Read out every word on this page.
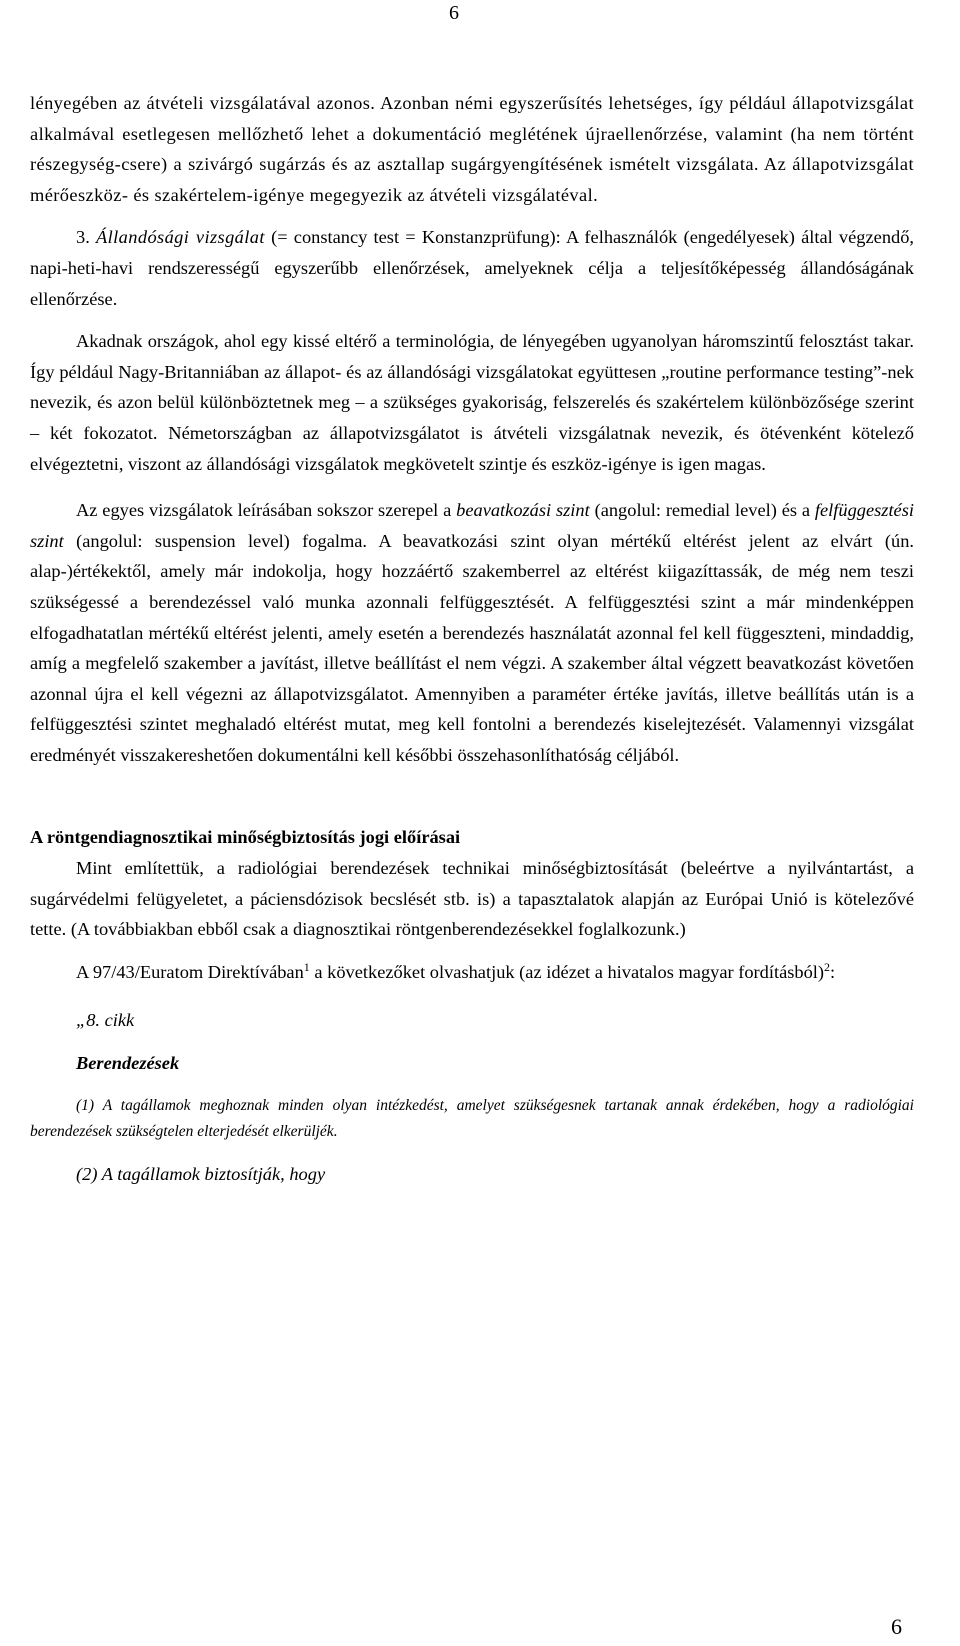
6

lényegében az átvételi vizsgálatával azonos. Azonban némi egyszerűsítés lehetséges, így például állapotvizsgálat alkalmával esetlegesen mellőzhető lehet a dokumentáció meglétének újraellenőrzése, valamint (ha nem történt részegység-csere) a szivárgó sugárzás és az asztallap sugárgyengítésének ismételt vizsgálata. Az állapotvizsgálat mérőeszköz- és szakértelem-igénye megegyezik az átvételi vizsgálatéval.

3. Állandósági vizsgálat (= constancy test = Konstanzprüfung): A felhasználók (engedélyesek) által végzendő, napi-heti-havi rendszerességű egyszerűbb ellenőrzések, amelyeknek célja a teljesítőképesség állandóságának ellenőrzése.

Akadnak országok, ahol egy kissé eltérő a terminológia, de lényegében ugyanolyan háromszintű felosztást takar. Így például Nagy-Britanniában az állapot- és az állandósági vizsgálatokat együttesen „routine performance testing”-nek nevezik, és azon belül különböztetnek meg – a szükséges gyakoriság, felszerelés és szakértelem különbözősége szerint – két fokozatot. Németországban az állapotvizsgálatot is átvételi vizsgálatnak nevezik, és ötévenként kötelező elvégeztetni, viszont az állandósági vizsgálatok megkövetelt szintje és eszköz-igénye is igen magas.

Az egyes vizsgálatok leírásában sokszor szerepel a beavatkozási szint (angolul: remedial level) és a felfüggesztési szint (angolul: suspension level) fogalma. A beavatkozási szint olyan mértékű eltérést jelent az elvárt (ún. alap-)értékektől, amely már indokolja, hogy hozzáértő szakemberrel az eltérést kiigazíttassák, de még nem teszi szükségessé a berendezéssel való munka azonnali felfüggesztését. A felfüggesztési szint a már mindenképpen elfogadhatatlan mértékű eltérést jelenti, amely esetén a berendezés használatát azonnal fel kell függeszteni, mindaddig, amíg a megfelelő szakember a javítást, illetve beállítást el nem végzi. A szakember által végzett beavatkozást követően azonnal újra el kell végezni az állapotvizsgálatot. Amennyiben a paraméter értéke javítás, illetve beállítás után is a felfüggesztési szintet meghaladó eltérést mutat, meg kell fontolni a berendezés kiselejtezését. Valamennyi vizsgálat eredményét visszakereshetően dokumentálni kell későbbi összehasonlíthatóság céljából.

A röntgendiagnosztikai minőségbiztosítás jogi előírásai

Mint említettük, a radiológiai berendezések technikai minőségbiztosítását (beleértve a nyilvántartást, a sugárvédelmi felügyeletet, a páciensdózisok becslését stb. is) a tapasztalatok alapján az Európai Unió is kötelezővé tette. (A továbbiakban ebből csak a diagnosztikai röntgenberendezésekkel foglalkozunk.)

A 97/43/Euratom Direktívában$^1$ a következőket olvashatjuk (az idézet a hivatalos magyar fordításból)$^2$:

„8. cikk

Berendezések

(1) A tagállamok meghoznak minden olyan intézkedést, amelyet szükségesnek tartanak annak érdekében, hogy a radiológiai berendezések szükségtelen elterjedését elkerüljék.

(2) A tagállamok biztosítják, hogy

6
